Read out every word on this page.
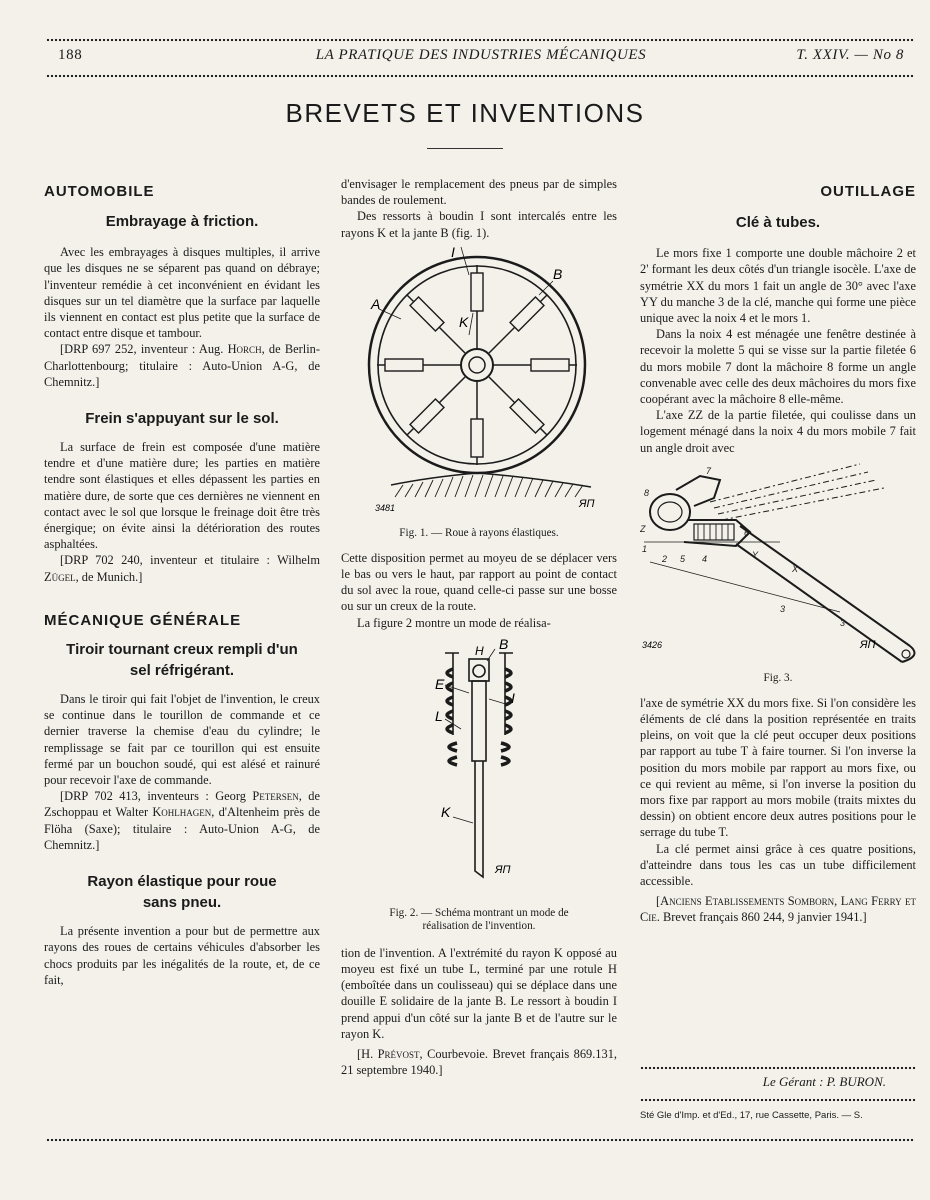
188	LA PRATIQUE DES INDUSTRIES MÉCANIQUES	T. XXIV. — No 8
BREVETS ET INVENTIONS
AUTOMOBILE
Embrayage à friction.

Avec les embrayages à disques multiples, il arrive que les disques ne se séparent pas quand on débraye; l'inventeur remédie à cet inconvénient en évidant les disques sur un tel diamètre que la surface par laquelle ils viennent en contact est plus petite que la surface de contact entre disque et tambour.

[DRP 697 252, inventeur : Aug. Horch, de Berlin-Charlottenbourg; titulaire : Auto-Union A-G, de Chemnitz.]

Frein s'appuyant sur le sol.

La surface de frein est composée d'une matière tendre et d'une matière dure; les parties en matière tendre sont élastiques et elles dépassent les parties en matière dure, de sorte que ces dernières ne viennent en contact avec le sol que lorsque le freinage doit être très énergique; on évite ainsi la détérioration des routes asphaltées.

[DRP 702 240, inventeur et titulaire : Wilhelm Zügel, de Munich.]

MÉCANIQUE GÉNÉRALE
Tiroir tournant creux rempli d'un sel réfrigérant.

Dans le tiroir qui fait l'objet de l'invention, le creux se continue dans le tourillon de commande et ce dernier traverse la chemise d'eau du cylindre; le remplissage se fait par ce tourillon qui est ensuite fermé par un bouchon soudé, qui est alésé et rainuré pour recevoir l'axe de commande.

[DRP 702 413, inventeurs : Georg Petersen, de Zschoppau et Walter Kohlhagen, d'Altenheim près de Flöha (Saxe); titulaire : Auto-Union A-G, de Chemnitz.]

Rayon élastique pour roue sans pneu.

La présente invention a pour but de permettre aux rayons des roues de certains véhicules d'absorber les chocs produits par les inégalités de la route, et, de ce fait,

d'envisager le remplacement des pneus par de simples bandes de roulement.

Des ressorts à boudin I sont intercalés entre les rayons K et la jante B (fig. 1).

I
A
B
K
3481	ЯП
Fig. 1. — Roue à rayons élastiques.

Cette disposition permet au moyeu de se déplacer vers le bas ou vers le haut, par rapport au point de contact du sol avec la roue, quand celle-ci passe sur une bosse ou sur un creux de la route.

La figure 2 montre un mode de réalisa-

B
H
E
I
L
K
ЯП
Fig. 2. — Schéma montrant un mode de réalisation de l'invention.

tion de l'invention. A l'extrémité du rayon K opposé au moyeu est fixé un tube L, terminé par une rotule H (emboîtée dans un coulisseau) qui se déplace dans une douille E solidaire de la jante B. Le ressort à boudin I prend appui d'un côté sur la jante B et de l'autre sur le rayon K.

[H. Prévost, Courbevoie. Brevet français 869.131, 21 septembre 1940.]

OUTILLAGE
Clé à tubes.

Le mors fixe 1 comporte une double mâchoire 2 et 2' formant les deux côtés d'un triangle isocèle. L'axe de symétrie XX du mors 1 fait un angle de 30° avec l'axe YY du manche 3 de la clé, manche qui forme une pièce unique avec la noix 4 et le mors 1.

Dans la noix 4 est ménagée une fenêtre destinée à recevoir la molette 5 qui se visse sur la partie filetée 6 du mors mobile 7 dont la mâchoire 8 forme un angle convenable avec celle des deux mâchoires du mors fixe coopérant avec la mâchoire 8 elle-même.

L'axe ZZ de la partie filetée, qui coulisse dans un logement ménagé dans la noix 4 du mors mobile 7 fait un angle droit avec

8
7
Z
1
2 5 4
6
Y
X
3
3
3426	ЯП
Fig. 3.

l'axe de symétrie XX du mors fixe. Si l'on considère les éléments de clé dans la position représentée en traits pleins, on voit que la clé peut occuper deux positions par rapport au tube T à faire tourner. Si l'on inverse la position du mors mobile par rapport au mors fixe, ou ce qui revient au même, si l'on inverse la position du mors fixe par rapport au mors mobile (traits mixtes du dessin) on obtient encore deux autres positions pour le serrage du tube T.

La clé permet ainsi grâce à ces quatre positions, d'atteindre dans tous les cas un tube difficilement accessible.

[Anciens Etablissements Somborn, Lang Ferry et Cie. Brevet français 860 244, 9 janvier 1941.]

Le Gérant : P. BURON.
Sté Gle d'Imp. et d'Ed., 17, rue Cassette, Paris. — S.
